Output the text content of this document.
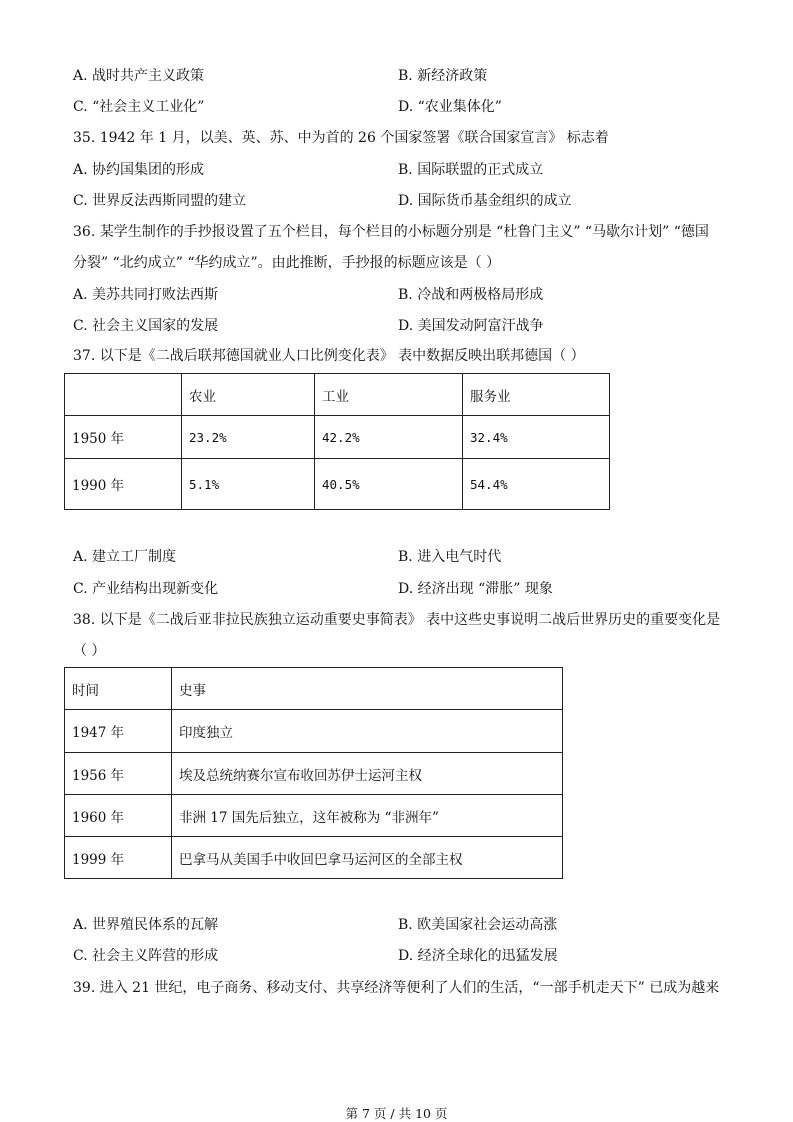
A. 战时共产主义政策	B. 新经济政策
C. “社会主义工业化”	D. “农业集体化”
35. 1942 年 1 月，以美、英、苏、中为首的 26 个国家签署《联合国家宣言》 标志着
A. 协约国集团的形成	B. 国际联盟的正式成立
C. 世界反法西斯同盟的建立	D. 国际货币基金组织的成立
36. 某学生制作的手抄报设置了五个栏目，每个栏目的小标题分别是 “杜鲁门主义” “马歇尔计划” “德国
分裂” “北约成立” “华约成立”。由此推断，手抄报的标题应该是（ ）
A. 美苏共同打败法西斯	B. 冷战和两极格局形成
C. 社会主义国家的发展	D. 美国发动阿富汗战争
37. 以下是《二战后联邦德国就业人口比例变化表》 表中数据反映出联邦德国（ ）
	农业	工业	服务业
1950 年	23.2%	42.2%	32.4%
1990 年	5.1%	40.5%	54.4%
A. 建立工厂制度	B. 进入电气时代
C. 产业结构出现新变化	D. 经济出现 “滞胀” 现象
38. 以下是《二战后亚非拉民族独立运动重要史事简表》 表中这些史事说明二战后世界历史的重要变化是
（ ）
时间	史事
1947 年	印度独立
1956 年	埃及总统纳赛尔宣布收回苏伊士运河主权
1960 年	非洲 17 国先后独立，这年被称为 “非洲年”
1999 年	巴拿马从美国手中收回巴拿马运河区的全部主权
A. 世界殖民体系的瓦解	B. 欧美国家社会运动高涨
C. 社会主义阵营的形成	D. 经济全球化的迅猛发展
39. 进入 21 世纪，电子商务、移动支付、共享经济等便利了人们的生活，“一部手机走天下” 已成为越来
第 7 页 / 共 10 页
